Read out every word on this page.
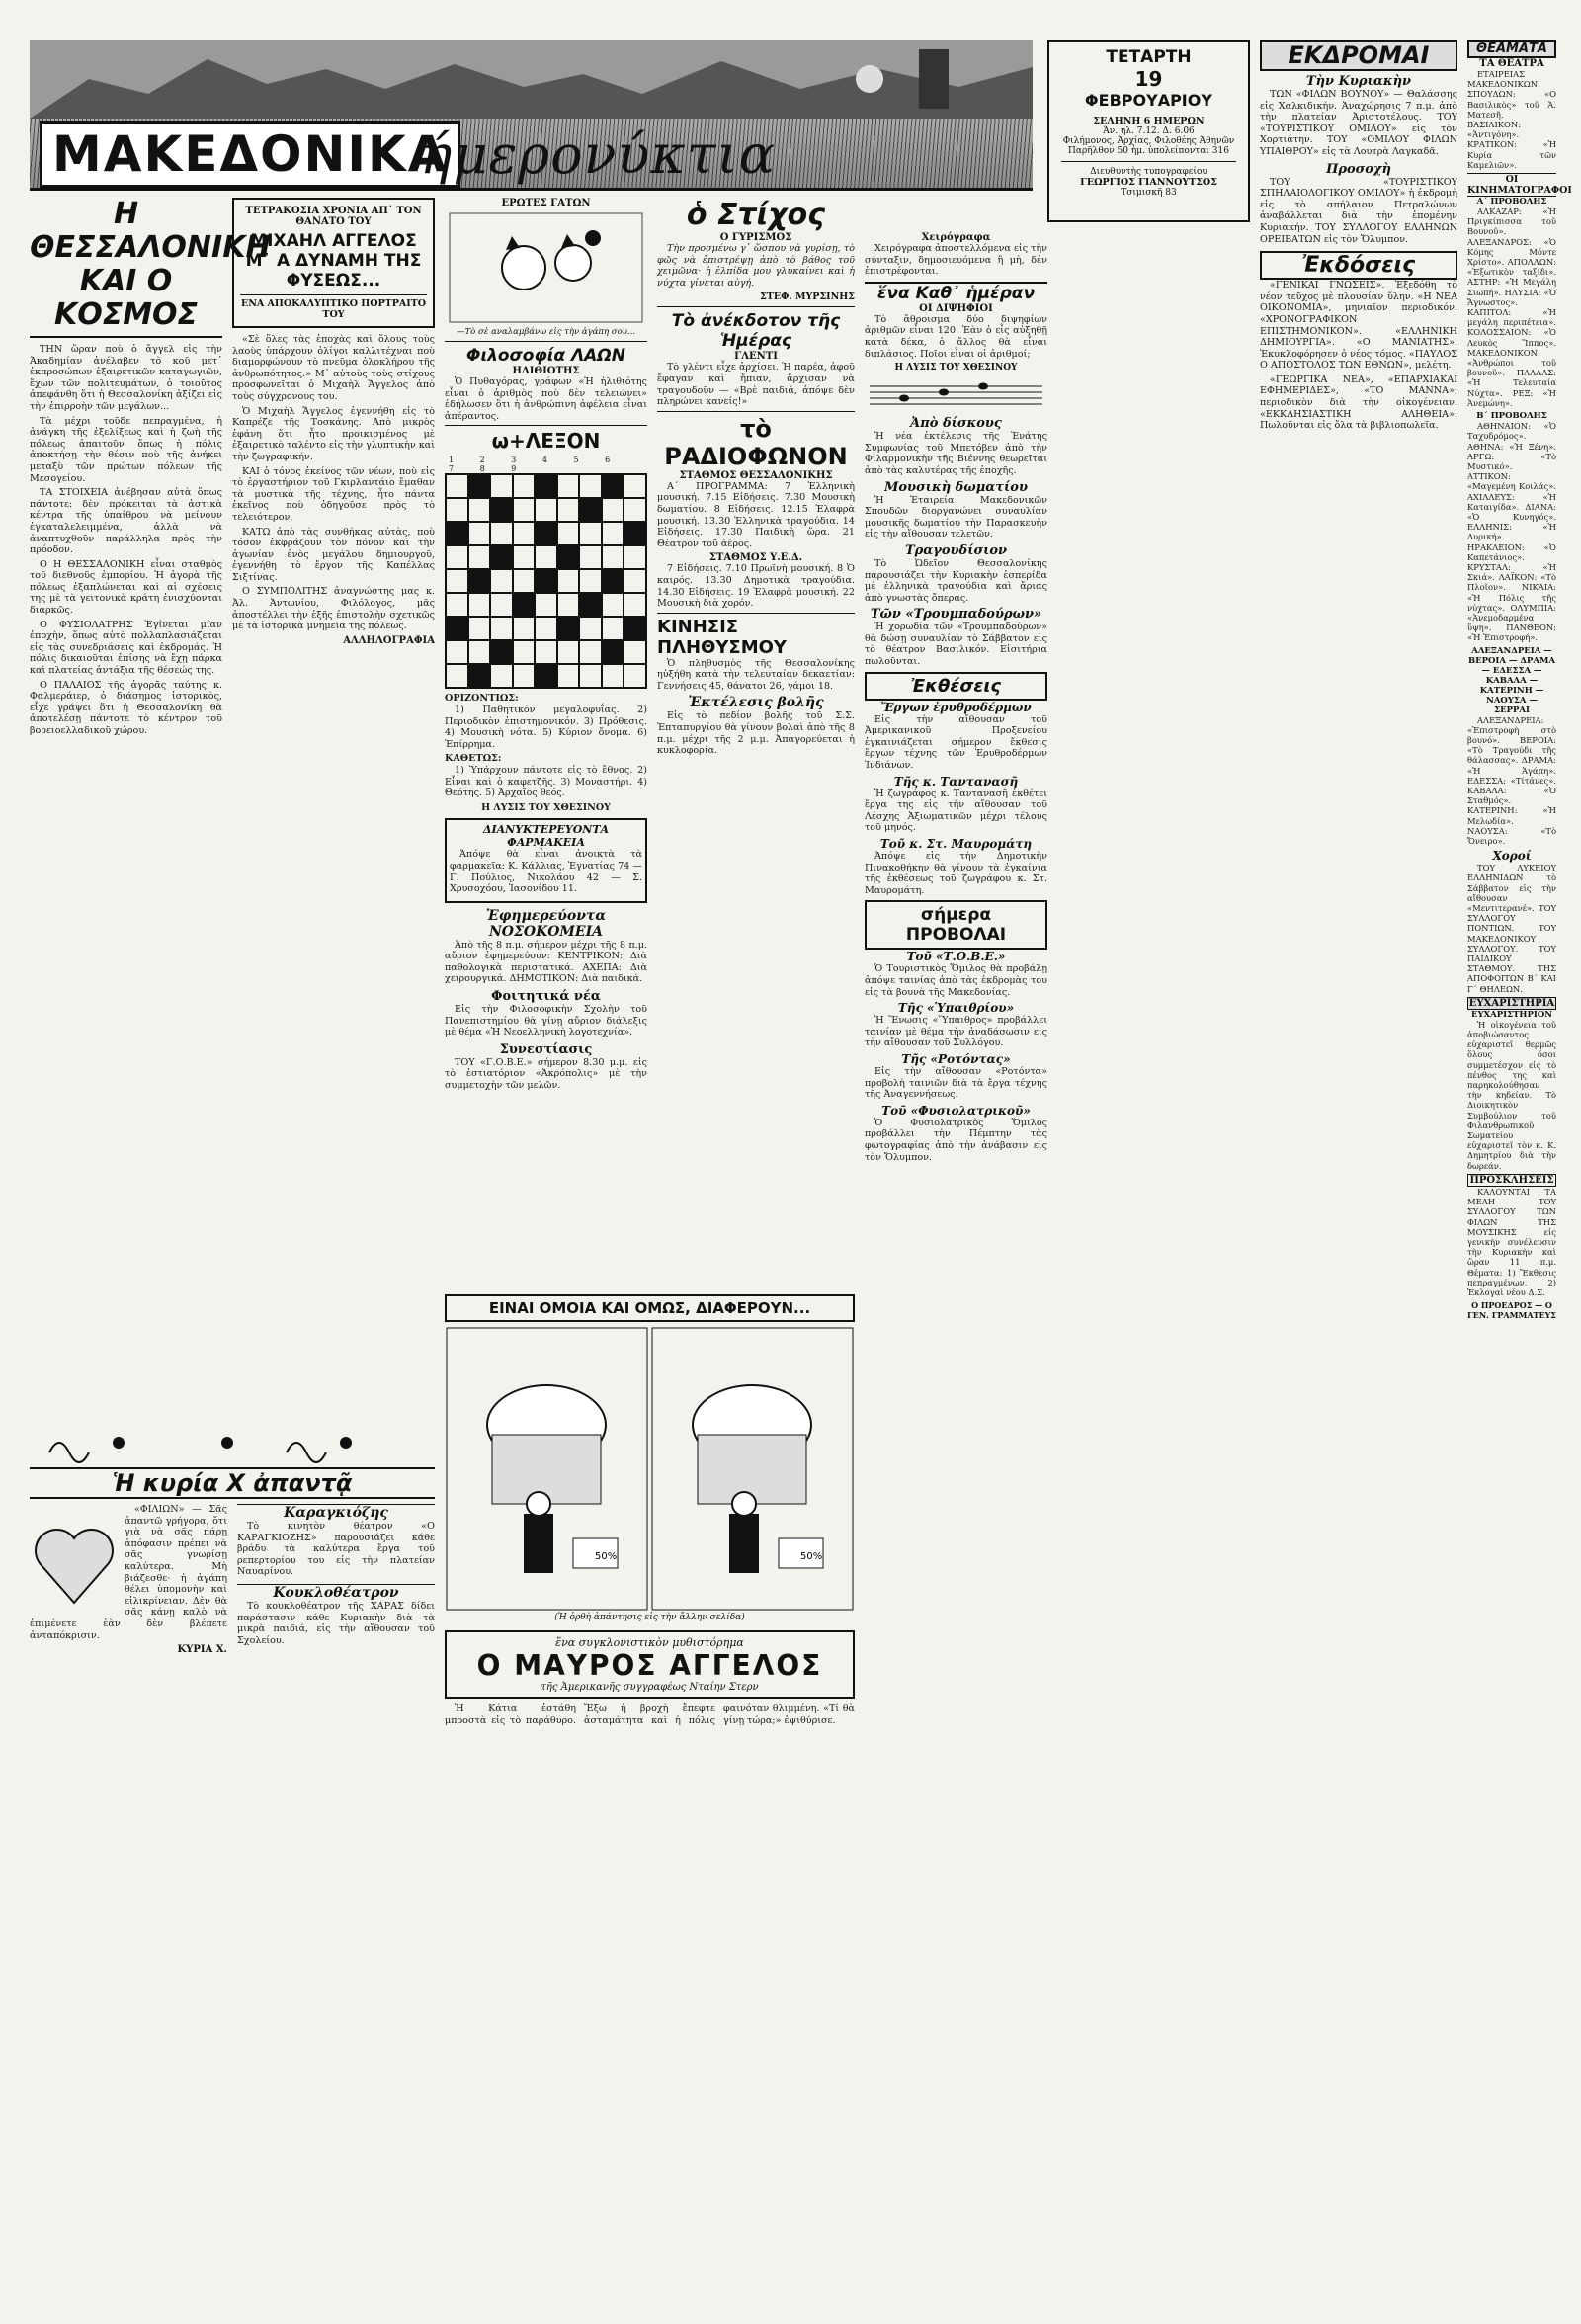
ΜΑΚΕΔΟΝΙΚΑ
ήμερονύκτια
ΤΕΤΑΡΤΗ
19
ΦΕΒΡΟΥΑΡΙΟΥ
ΣΕΛΗΝΗ 6 ΗΜΕΡΩΝ
Άν. ἡλ. 7.12. Δ. 6.06
Φιλήμονος, Άρχίας, Φιλοθέης Άθηνῶν
Παρῆλθον 50 ἡμ. ὑπολείπονται 316
Διευθυντὴς τυπογραφείου
ΓΕΩΡΓΙΟΣ ΓΙΑΝΝΟΥΤΣΟΣ
Τσιμισκῆ 83
Η ΘΕΣΣΑΛΟΝΙΚΗ ΚΑΙ Ο ΚΟΣΜΟΣ

ΤΗΝ ὥραν ποὺ ὁ ἄγγελ εἰς τὴν Ἀκαδημίαν ἀνέλαβεν τὸ κοῦ μετ᾽ ἐκπροσώπων ἐξαιρετικῶν καταγωγιῶν, ἔχων τῶν πολιτευμάτων, ὁ τοιοῦτος ἀπεφάνθη ὅτι ἡ Θεσσαλονίκη ἀξίζει εἰς τὴν ἐπιρροὴν τῶν μεγάλων...

Τὰ μέχρι τοῦδε πεπραγμένα, ἡ ἀνάγκη τῆς ἐξελίξεως καὶ ἡ ζωὴ τῆς πόλεως ἀπαιτοῦν ὅπως ἡ πόλις ἀποκτήσῃ τὴν θέσιν ποὺ τῆς ἀνήκει μεταξὺ τῶν πρώτων πόλεων τῆς Μεσογείου.

ΤΑ ΣΤΟΙΧΕΙΑ ἀνέβησαν αὐτὰ ὅπως πάντοτε: δὲν πρόκειται τὰ ἀστικὰ κέντρα τῆς ὑπαίθρου νὰ μείνουν ἐγκαταλελειμμένα, ἀλλὰ νὰ ἀναπτυχθοῦν παράλληλα πρὸς τὴν πρόοδον.

Ο Η ΘΕΣΣΑΛΟΝΙΚΗ εἶναι σταθμὸς τοῦ διεθνοῦς ἐμπορίου. Ἡ ἀγορὰ τῆς πόλεως ἐξαπλώνεται καὶ αἱ σχέσεις της μὲ τὰ γειτονικὰ κράτη ἐνισχύονται διαρκῶς.

Ο ΦΥΣΙΟΛΑΤΡΗΣ Ἐγίνεται μίαν ἐποχὴν, ὅπως αὐτὸ πολλαπλασιάζεται εἰς τὰς συνεδριάσεις καὶ ἐκδρομάς. Ἡ πόλις δικαιοῦται ἐπίσης νὰ ἔχῃ πάρκα καὶ πλατείας ἀντάξια τῆς θέσεώς της.

Ο ΠΑΛΑΙΟΣ τῆς ἀγορᾶς ταύτης κ. Φαλμεράιερ, ὁ διάσημος ἱστορικὸς, εἶχε γράψει ὅτι ἡ Θεσσαλονίκη θὰ ἀποτελέσῃ πάντοτε τὸ κέντρον τοῦ βορειοελλαδικοῦ χώρου.

ΤΕΤΡΑΚΟΣΙΑ ΧΡΟΝΙΑ ΑΠ᾽ ΤΟΝ ΘΑΝΑΤΟ ΤΟΥ
ΜΙΧΑΗΛ ΑΓΓΕΛΟΣ Μ᾽ Α ΔΥΝΑΜΗ ΤΗΣ ΦΥΣΕΩΣ...
ΕΝΑ ΑΠΟΚΑΛΥΠΤΙΚΟ ΠΟΡΤΡΑΙΤΟ ΤΟΥ

«Σὲ ὅλες τὰς ἐποχὰς καὶ ὅλους τοὺς λαοὺς ὑπάρχουν ὀλίγοι καλλιτέχναι ποὺ διαμορφώνουν τὸ πνεῦμα ὁλοκλήρου τῆς ἀνθρωπότητος.» Μ᾽ αὐτοὺς τοὺς στίχους προσφωνεῖται ὁ Μιχαὴλ Ἄγγελος ἀπὸ τοὺς σύγχρονους του.

Ὁ Μιχαὴλ Ἄγγελος ἐγεννήθη εἰς τὸ Καπρέζε τῆς Τοσκάνης. Ἀπὸ μικρὸς ἐφάνη ὅτι ἦτο προικισμένος μὲ ἐξαιρετικὸ ταλέντο εἰς τὴν γλυπτικὴν καὶ τὴν ζωγραφικήν.

ΚΑΙ ὁ τόνος ἐκείνος τῶν νέων, ποὺ εἰς τὸ ἐργαστήριον τοῦ Γκιρλαντάιο ἔμαθαν τὰ μυστικὰ τῆς τέχνης, ἦτο πάντα ἐκεῖνος ποὺ ὁδηγοῦσε πρὸς τὸ τελειότερον.

ΚΑΤΩ ἀπὸ τὰς συνθήκας αὐτὰς, ποὺ τόσον ἐκφράζουν τὸν πόνον καὶ τὴν ἀγωνίαν ἑνὸς μεγάλου δημιουργοῦ, ἐγεννήθη τὸ ἔργον τῆς Καπέλλας Σιξτίνας.

Ο ΣΥΜΠΟΛΙΤΗΣ ἀναγνώστης μας κ. Ἀλ. Ἀντωνίου, Φιλόλογος, μᾶς ἀποστέλλει τὴν ἑξῆς ἐπιστολὴν σχετικῶς μὲ τὰ ἱστορικὰ μνημεῖα τῆς πόλεως.

ΑΛΛΗΛΟΓΡΑΦΙΑ
ΕΡΩΤΕΣ ΓΑΤΩΝ
—Τὸ σὲ αναλαμβάνω εἰς τὴν ἀγάπη σου...
Φιλοσοφία ΛΑΩΝ
ΗΛΙΘΙΟΤΗΣ

Ὁ Πυθαγόρας, γράφων «Ἡ ἠλιθιότης εἶναι ὁ ἀριθμὸς ποὺ δὲν τελειώνει» ἐδήλωσεν ὅτι ἡ ἀνθρώπινη ἀφέλεια εἶναι ἀπέραντος.

ω+ΛΕΞΟΝ
1 2 3 4 5 6 7 8 9
ΟΡΙΖΟΝΤΙΩΣ:

1) Παθητικὸν μεγαλοφυΐας. 2) Περιοδικὸν ἐπιστημονικόν. 3) Πρόθεσις. 4) Μουσικὴ νότα. 5) Κύριον ὄνομα. 6) Ἐπίρρημα.

ΚΑΘΕΤΩΣ:

1) Ὑπάρχουν πάντοτε εἰς τὸ ἔθνος. 2) Εἶναι καὶ ὁ καφετζῆς. 3) Μοναστήρι. 4) Θεότης. 5) Ἀρχαῖος θεός.

Η ΛΥΣΙΣ ΤΟΥ ΧΘΕΣΙΝΟΥ
ΔΙΑΝΥΚΤΕΡΕΥΟΝΤΑ ΦΑΡΜΑΚΕΙΑ

Ἀπόψε θὰ εἶναι ἀνοικτὰ τὰ φαρμακεῖα: Κ. Κάλλιας, Ἐγνατίας 74 — Γ. Πούλιος, Νικολάου 42 — Σ. Χρυσοχόου, Ἰασονίδου 11.

Ἐφημερεύοντα ΝΟΣΟΚΟΜΕΙΑ

Ἀπὸ τῆς 8 π.μ. σήμερον μέχρι τῆς 8 π.μ. αὔριον ἐφημερεύουν: ΚΕΝΤΡΙΚΟΝ: Διὰ παθολογικὰ περιστατικά. ΑΧΕΠΑ: Διὰ χειρουργικά. ΔΗΜΟΤΙΚΟΝ: Διὰ παιδικά.

Φοιτητικά νέα

Εἰς τὴν Φιλοσοφικὴν Σχολὴν τοῦ Πανεπιστημίου θὰ γίνῃ αὔριον διάλεξις μὲ θέμα «Ἡ Νεοελληνικὴ λογοτεχνία».

Συνεστίασις

ΤΟΥ «Γ.Ο.Β.Ε.» σήμερον 8.30 μ.μ. εἰς τὸ ἑστιατόριον «Ἀκρόπολις» μὲ τὴν συμμετοχὴν τῶν μελῶν.

ὁ Στίχος
Ο ΓΥΡΙΣΜΟΣ

Τὴν προσμένω γ᾽ ὥσπου νὰ γυρίσῃ, τὸ φῶς νὰ ἐπιστρέψῃ ἀπὸ τὸ βάθος τοῦ χειμῶνα· ἡ ἐλπίδα μου γλυκαίνει καὶ ἡ νύχτα γίνεται αὐγή.

ΣΤΕΦ. ΜΥΡΣΙΝΗΣ
Τὸ ἀνέκδοτον τῆς Ἡμέρας
ΓΛΕΝΤΙ

Τὸ γλέντι εἶχε ἀρχίσει. Ἡ παρέα, ἀφοῦ ἔφαγαν καὶ ἤπιαν, ἄρχισαν νὰ τραγουδοῦν — «Βρὲ παιδιά, ἀπόψε δὲν πληρώνει κανείς!»

τὸ ΡΑΔΙΟΦΩΝΟΝ
ΣΤΑΘΜΟΣ ΘΕΣΣΑΛΟΝΙΚΗΣ

Α΄ ΠΡΟΓΡΑΜΜΑ: 7 Ἑλληνικὴ μουσική. 7.15 Εἰδήσεις. 7.30 Μουσικὴ δωματίου. 8 Εἰδήσεις. 12.15 Ἐλαφρὰ μουσική. 13.30 Ἑλληνικὰ τραγούδια. 14 Εἰδήσεις. 17.30 Παιδικὴ ὥρα. 21 Θέατρον τοῦ ἀέρος.

ΣΤΑΘΜΟΣ Υ.Ε.Δ.

7 Εἰδήσεις. 7.10 Πρωϊνὴ μουσική. 8 Ὁ καιρός. 13.30 Δημοτικὰ τραγούδια. 14.30 Εἰδήσεις. 19 Ἐλαφρὰ μουσική. 22 Μουσικὴ διὰ χορόν.

ΚΙΝΗΣΙΣ ΠΛΗΘΥΣΜΟΥ

Ὁ πληθυσμὸς τῆς Θεσσαλονίκης ηὐξήθη κατὰ τὴν τελευταίαν δεκαετίαν: Γεννήσεις 45, θάνατοι 26, γάμοι 18.

Ἐκτέλεσις βολῆς

Εἰς τὸ πεδίον βολῆς τοῦ Σ.Σ. Ἐπταπυργίου θὰ γίνουν βολαὶ ἀπὸ τῆς 8 π.μ. μέχρι τῆς 2 μ.μ. Ἀπαγορεύεται ἡ κυκλοφορία.

ΕΙΝΑΙ ΟΜΟΙΑ ΚΑΙ ΟΜΩΣ, ΔΙΑΦΕΡΟΥΝ...
50%	50%
(Ἡ ὀρθὴ ἀπάντησις εἰς τὴν ἄλλην σελίδα)
ἕνα συγκλονιστικὸν μυθιστόρημα
Ο ΜΑΥΡΟΣ ΑΓΓΕΛΟΣ
τῆς Ἀμερικανῆς συγγραφέως Νταίην Στερν

Ἡ Κάτια ἐστάθη μπροστὰ εἰς τὸ παράθυρο. Ἔξω ἡ βροχὴ ἔπεφτε ἀσταμάτητα καὶ ἡ πόλις φαινόταν θλιμμένη. «Τί θὰ γίνῃ τώρα;» ἐψιθύρισε.

Χειρόγραφα

Χειρόγραφα ἀποστελλόμενα εἰς τὴν σύνταξιν, δημοσιευόμενα ἢ μὴ, δὲν ἐπιστρέφονται.

ἕνα Καθ᾽ ἡμέραν
ΟΙ ΔΙΨΗΦΙΟΙ

Τὸ ἄθροισμα δύο διψηφίων ἀριθμῶν εἶναι 120. Ἐὰν ὁ εἷς αὐξηθῇ κατὰ δέκα, ὁ ἄλλος θὰ εἶναι διπλάσιος. Ποῖοι εἶναι οἱ ἀριθμοί;

Η ΛΥΣΙΣ ΤΟΥ ΧΘΕΣΙΝΟΥ
Ἀπὸ δίσκους

Ἡ νέα ἐκτέλεσις τῆς Ἐνάτης Συμφωνίας τοῦ Μπετόβεν ἀπὸ τὴν Φιλαρμονικὴν τῆς Βιέννης θεωρεῖται ἀπὸ τὰς καλυτέρας τῆς ἐποχῆς.

Μουσικὴ δωματίου

Ἡ Ἑταιρεία Μακεδονικῶν Σπουδῶν διοργανώνει συναυλίαν μουσικῆς δωματίου τὴν Παρασκευὴν εἰς τὴν αἴθουσαν τελετῶν.

Τραγουδίσιον

Τὸ Ὠδεῖον Θεσσαλονίκης παρουσιάζει τὴν Κυριακὴν ἑσπερίδα μὲ ἑλληνικὰ τραγούδια καὶ ἄριας ἀπὸ γνωστὰς ὄπερας.

Τῶν «Τρουμπαδούρων»

Ἡ χορωδία τῶν «Τρουμπαδούρων» θὰ δώσῃ συναυλίαν τὸ Σάββατον εἰς τὸ θέατρον Βασιλικόν. Εἰσιτήρια πωλοῦνται.

Ἐκθέσεις
Ἔργων ἐρυθροδέρμων

Εἰς τὴν αἴθουσαν τοῦ Ἀμερικανικοῦ Προξενείου ἐγκαινιάζεται σήμερον ἔκθεσις ἔργων τέχνης τῶν Ἐρυθροδέρμων Ἰνδιάνων.

Τῆς κ. Ταντανασῆ

Ἡ ζωγράφος κ. Ταντανασῆ ἐκθέτει ἔργα της εἰς τὴν αἴθουσαν τοῦ Λέσχης Ἀξιωματικῶν μέχρι τέλους τοῦ μηνός.

Τοῦ κ. Στ. Μαυρομάτη

Ἀπόψε εἰς τὴν Δημοτικὴν Πινακοθήκην θὰ γίνουν τὰ ἐγκαίνια τῆς ἐκθέσεως τοῦ ζωγράφου κ. Στ. Μαυρομάτη.

σήμερα ΠΡΟΒΟΛΑΙ
Τοῦ «Τ.Ο.Β.Ε.»

Ὁ Τουριστικὸς Ὅμιλος θὰ προβάλῃ ἀπόψε ταινίας ἀπὸ τὰς ἐκδρομὰς του εἰς τὰ βουνὰ τῆς Μακεδονίας.

Τῆς «Ὑπαιθρίου»

Ἡ Ἕνωσις «Ὕπαιθρος» προβάλλει ταινίαν μὲ θέμα τὴν ἀναδάσωσιν εἰς τὴν αἴθουσαν τοῦ Συλλόγου.

Τῆς «Ροτόντας»

Εἰς τὴν αἴθουσαν «Ροτόντα» προβολὴ ταινιῶν διὰ τὰ ἔργα τέχνης τῆς Ἀναγεννήσεως.

Τοῦ «Φυσιολατρικοῦ»

Ὁ Φυσιολατρικὸς Ὅμιλος προβάλλει τὴν Πέμπτην τὰς φωτογραφίας ἀπὸ τὴν ἀνάβασιν εἰς τὸν Ὄλυμπον.

ΕΚΔΡΟΜΑΙ
Τὴν Κυριακὴν

ΤΩΝ «ΦΙΛΩΝ ΒΟΥΝΟΥ» — Θαλάσσης εἰς Χαλκιδικήν. Ἀναχώρησις 7 π.μ. ἀπὸ τὴν πλατείαν Ἀριστοτέλους. ΤΟΥ «ΤΟΥΡΙΣΤΙΚΟΥ ΟΜΙΛΟΥ» εἰς τὸν Χορτιάτην. ΤΟΥ «ΟΜΙΛΟΥ ΦΙΛΩΝ ΥΠΑΙΘΡΟΥ» εἰς τὰ Λουτρὰ Λαγκαδᾶ.

Προσοχὴ

ΤΟΥ «ΤΟΥΡΙΣΤΙΚΟΥ ΣΠΗΛΑΙΟΛΟΓΙΚΟΥ ΟΜΙΛΟΥ» ἡ ἐκδρομὴ εἰς τὸ σπήλαιον Πετραλώνων ἀναβάλλεται διὰ τὴν ἐπομένην Κυριακήν. ΤΟΥ ΣΥΛΛΟΓΟΥ ΕΛΛΗΝΩΝ ΟΡΕΙΒΑΤΩΝ εἰς τὸν Ὄλυμπον.

Ἐκδόσεις

«ΓΕΝΙΚΑΙ ΓΝΩΣΕΙΣ». Ἐξεδόθη τὸ νέον τεῦχος μὲ πλουσίαν ὕλην. «Η ΝΕΑ ΟΙΚΟΝΟΜΙΑ», μηνιαῖον περιοδικόν. «ΧΡΟΝΟΓΡΑΦΙΚΟΝ ΕΠΙΣΤΗΜΟΝΙΚΟΝ». «ΕΛΛΗΝΙΚΗ ΔΗΜΙΟΥΡΓΙΑ». «Ο ΜΑΝΙΑΤΗΣ». Ἐκυκλοφόρησεν ὁ νέος τόμος. «ΠΑΥΛΟΣ Ο ΑΠΟΣΤΟΛΟΣ ΤΩΝ ΕΘΝΩΝ», μελέτη.

«ΓΕΩΡΓΙΚΑ ΝΕΑ», «ΕΠΑΡΧΙΑΚΑΙ ΕΦΗΜΕΡΙΔΕΣ», «ΤΟ ΜΑΝΝΑ», περιοδικὸν διὰ τὴν οἰκογένειαν. «ΕΚΚΛΗΣΙΑΣΤΙΚΗ ΑΛΗΘΕΙΑ». Πωλοῦνται εἰς ὅλα τὰ βιβλιοπωλεῖα.

ΘΕΑΜΑΤΑ
ΤΑ ΘΕΑΤΡΑ

ΕΤΑΙΡΕΙΑΣ ΜΑΚΕΔΟΝΙΚΩΝ ΣΠΟΥΔΩΝ: «Ο Βασιλικὸς» τοῦ Ἀ. Ματεσῆ. ΒΑΣΙΛΙΚΟΝ: «Ἀντιγόνη». ΚΡΑΤΙΚΟΝ: «Ἡ Κυρία τῶν Καμελιῶν».

ΟΙ ΚΙΝΗΜΑΤΟΓΡΑΦΟΙ
Α΄ ΠΡΟΒΟΛΗΣ

ΑΛΚΑΖΑΡ: «Ἡ Πριγκίπισσα τοῦ Βουνοῦ». ΑΛΕΞΑΝΔΡΟΣ: «Ὁ Κόμης Μόντε Χρίστο». ΑΠΟΛΛΩΝ: «Ἐξωτικὸν ταξίδι». ΑΣΤΗΡ: «Ἡ Μεγάλη Σιωπή». ΗΛΥΣΙΑ: «Ὁ Ἄγνωστος». ΚΑΠΙΤΟΛ: «Ἡ μεγάλη περιπέτεια». ΚΟΛΟΣΣΑΙΟΝ: «Ὁ Λευκὸς Ἵππος». ΜΑΚΕΔΟΝΙΚΟΝ: «Ἀνθρώποι τοῦ βουνοῦ». ΠΑΛΛΑΣ: «Ἡ Τελευταία Νύχτα». ΡΕΞ: «Ἡ Ἀνεμώνη».

Β΄ ΠΡΟΒΟΛΗΣ

ΑΘΗΝΑΙΟΝ: «Ὁ Ταχυδρόμος». ΑΘΗΝΑ: «Ἡ Ξένη». ΑΡΓΩ: «Τὸ Μυστικό». ΑΤΤΙΚΟΝ: «Μαγεμένη Κοιλάς». ΑΧΙΛΛΕΥΣ: «Ἡ Καταιγίδα». ΔΙΑΝΑ: «Ὁ Κυνηγός». ΕΛΛΗΝΙΣ: «Ἡ Λυρική». ΗΡΑΚΛΕΙΟΝ: «Ὁ Καπετάνιος». ΚΡΥΣΤΑΛ: «Ἡ Σκιά». ΛΑΪΚΟΝ: «Τὸ Πλοῖον». ΝΙΚΑΙΑ: «Ἡ Πόλις τῆς νύχτας». ΟΛΥΜΠΙΑ: «Ἀνεμοδαρμένα ὕψη». ΠΑΝΘΕΟΝ: «Ἡ Ἐπιστροφή».

ΑΛΕΞΑΝΔΡΕΙΑ — ΒΕΡΟΙΑ — ΔΡΑΜΑ — ΕΔΕΣΣΑ — ΚΑΒΑΛΑ — ΚΑΤΕΡΙΝΗ — ΝΑΟΥΣΑ — ΣΕΡΡΑΙ

ΑΛΕΞΑΝΔΡΕΙΑ: «Ἐπιστροφὴ στὸ βουνό». ΒΕΡΟΙΑ: «Τὸ Τραγούδι τῆς θάλασσας». ΔΡΑΜΑ: «Ἡ Ἀγάπη». ΕΔΕΣΣΑ: «Τίτάνες». ΚΑΒΑΛΑ: «Ὁ Σταθμός». ΚΑΤΕΡΙΝΗ: «Ἡ Μελωδία». ΝΑΟΥΣΑ: «Τὸ Ὄνειρο».

Χοροί

ΤΟΥ ΛΥΚΕΙΟΥ ΕΛΛΗΝΙΔΩΝ τὸ Σάββατον εἰς τὴν αἴθουσαν «Μεντιτερανέ». ΤΟΥ ΣΥΛΛΟΓΟΥ ΠΟΝΤΙΩΝ. ΤΟΥ ΜΑΚΕΔΟΝΙΚΟΥ ΣΥΛΛΟΓΟΥ. ΤΟΥ ΠΑΙΔΙΚΟΥ ΣΤΑΘΜΟΥ. ΤΗΣ ΑΠΟΦΟΙΤΩΝ Β΄ ΚΑΙ Γ΄ ΘΗΛΕΩΝ.

ΕΥΧΑΡΙΣΤΗΡΙΑ
ΕΥΧΑΡΙΣΤΗΡΙΟΝ

Ἡ οἰκογένεια τοῦ ἀποβιώσαντος εὐχαριστεῖ θερμῶς ὅλους ὅσοι συμμετέσχον εἰς τὸ πένθος της καὶ παρηκολούθησαν τὴν κηδείαν. Τὸ Διοικητικὸν Συμβούλιον τοῦ Φιλανθρωπικοῦ Σωματείου εὐχαριστεῖ τὸν κ. Κ. Δημητρίου διὰ τὴν δωρεάν.

ΠΡΟΣΚΛΗΣΕΙΣ

ΚΑΛΟΥΝΤΑΙ ΤΑ ΜΕΛΗ ΤΟΥ ΣΥΛΛΟΓΟΥ ΤΩΝ ΦΙΛΩΝ ΤΗΣ ΜΟΥΣΙΚΗΣ εἰς γενικὴν συνέλευσιν τὴν Κυριακὴν καὶ ὥραν 11 π.μ. Θέματα: 1) Ἔκθεσις πεπραγμένων. 2) Ἐκλογαὶ νέου Δ.Σ.

Ο ΠΡΟΕΔΡΟΣ — Ο ΓΕΝ. ΓΡΑΜΜΑΤΕΥΣ
Ἡ κυρία Χ ἀπαντᾷ

«ΦΙΛΙΩΝ» — Σᾶς ἀπαντῶ γρήγορα, ὅτι γιὰ νὰ σᾶς πάρῃ ἀπόφασιν πρέπει νὰ σᾶς γνωρίσῃ καλύτερα. Μὴ βιάζεσθε· ἡ ἀγάπη θέλει ὑπομονὴν καὶ εἰλικρίνειαν. Δὲν θὰ σᾶς κάνῃ καλὸ νὰ ἐπιμένετε ἐὰν δὲν βλέπετε ἀνταπόκρισιν.

ΚΥΡΙΑ Χ.
Καραγκιόζης

Τὸ κινητὸν θέατρον «Ο ΚΑΡΑΓΚΙΟΖΗΣ» παρουσιάζει κάθε βράδυ τὰ καλύτερα ἔργα τοῦ ρεπερτορίου του εἰς τὴν πλατείαν Ναυαρίνου.

Κουκλοθέατρον

Τὸ κουκλοθέατρον τῆς ΧΑΡΑΣ δίδει παράστασιν κάθε Κυριακὴν διὰ τὰ μικρὰ παιδιά, εἰς τὴν αἴθουσαν τοῦ Σχολείου.
